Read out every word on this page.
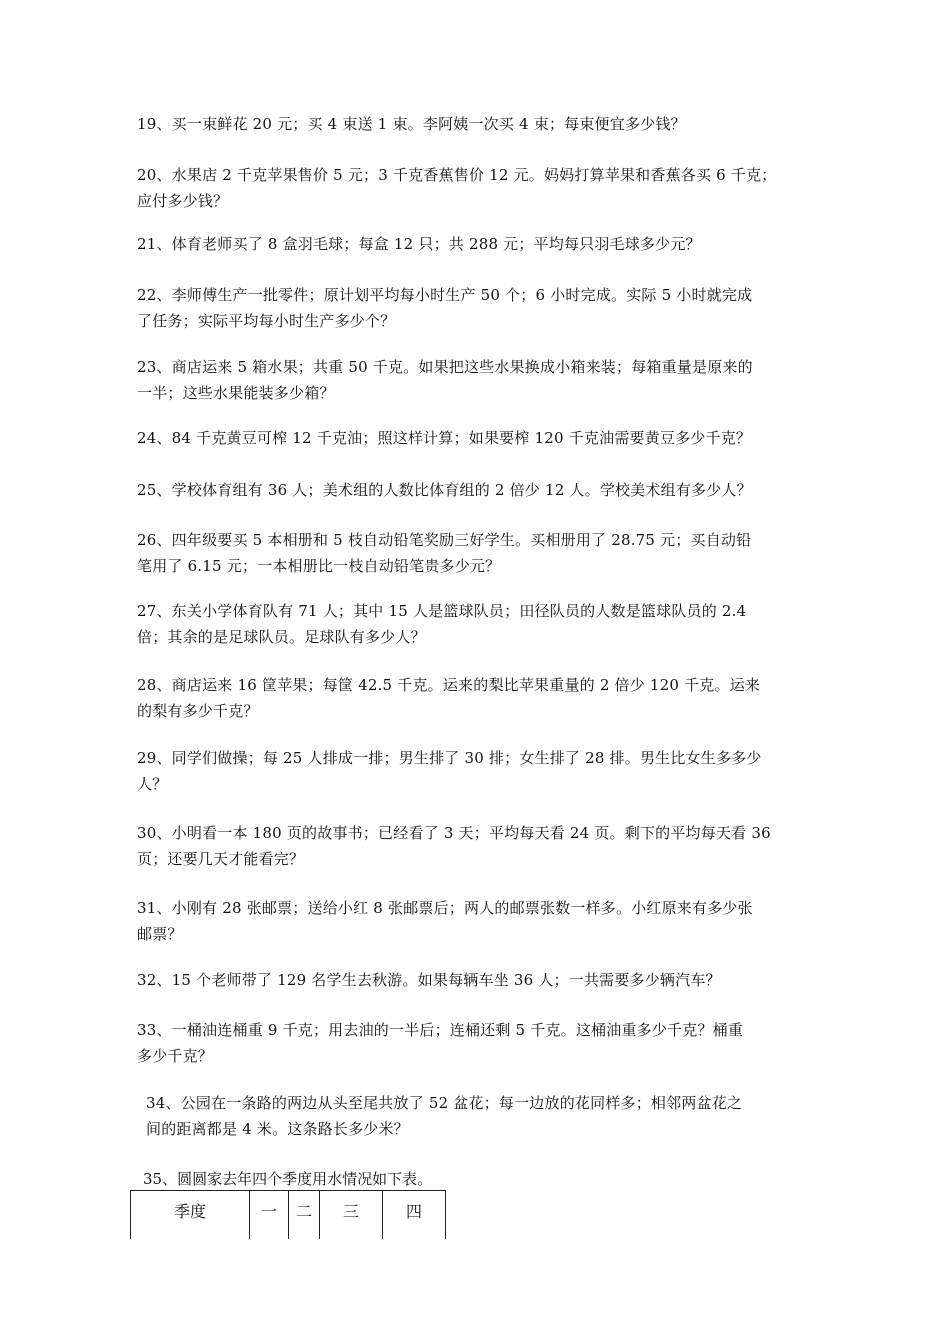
19、买一束鲜花 20 元；买 4 束送 1 束。李阿姨一次买 4 束；每束便宜多少钱？

20、水果店 2 千克苹果售价 5 元；3 千克香蕉售价 12 元。妈妈打算苹果和香蕉各买 6 千克；
应付多少钱？

21、体育老师买了 8 盒羽毛球；每盒 12 只；共 288 元；平均每只羽毛球多少元？

22、李师傅生产一批零件；原计划平均每小时生产 50 个；6 小时完成。实际 5 小时就完成
了任务；实际平均每小时生产多少个？

23、商店运来 5 箱水果；共重 50 千克。如果把这些水果换成小箱来装；每箱重量是原来的
一半；这些水果能装多少箱？

24、84 千克黄豆可榨 12 千克油；照这样计算；如果要榨 120 千克油需要黄豆多少千克？

25、学校体育组有 36 人；美术组的人数比体育组的 2 倍少 12 人。学校美术组有多少人？

26、四年级要买 5 本相册和 5 枝自动铅笔奖励三好学生。买相册用了 28.75 元；买自动铅
笔用了 6.15 元；一本相册比一枝自动铅笔贵多少元？

27、东关小学体育队有 71 人；其中 15 人是篮球队员；田径队员的人数是篮球队员的 2.4
倍；其余的是足球队员。足球队有多少人？

28、商店运来 16 筐苹果；每筐 42.5 千克。运来的梨比苹果重量的 2 倍少 120 千克。运来
的梨有多少千克？

29、同学们做操；每 25 人排成一排；男生排了 30 排；女生排了 28 排。男生比女生多多少
人？

30、小明看一本 180 页的故事书；已经看了 3 天；平均每天看 24 页。剩下的平均每天看 36
页；还要几天才能看完？

31、小刚有 28 张邮票；送给小红 8 张邮票后；两人的邮票张数一样多。小红原来有多少张
邮票？

32、15 个老师带了 129 名学生去秋游。如果每辆车坐 36 人；一共需要多少辆汽车？

33、一桶油连桶重 9 千克；用去油的一半后；连桶还剩 5 千克。这桶油重多少千克？桶重
多少千克？

34、公园在一条路的两边从头至尾共放了 52 盆花；每一边放的花同样多；相邻两盆花之
间的距离都是 4 米。这条路长多少米？

35、圆圆家去年四个季度用水情况如下表。

季度	一	二	三	四
